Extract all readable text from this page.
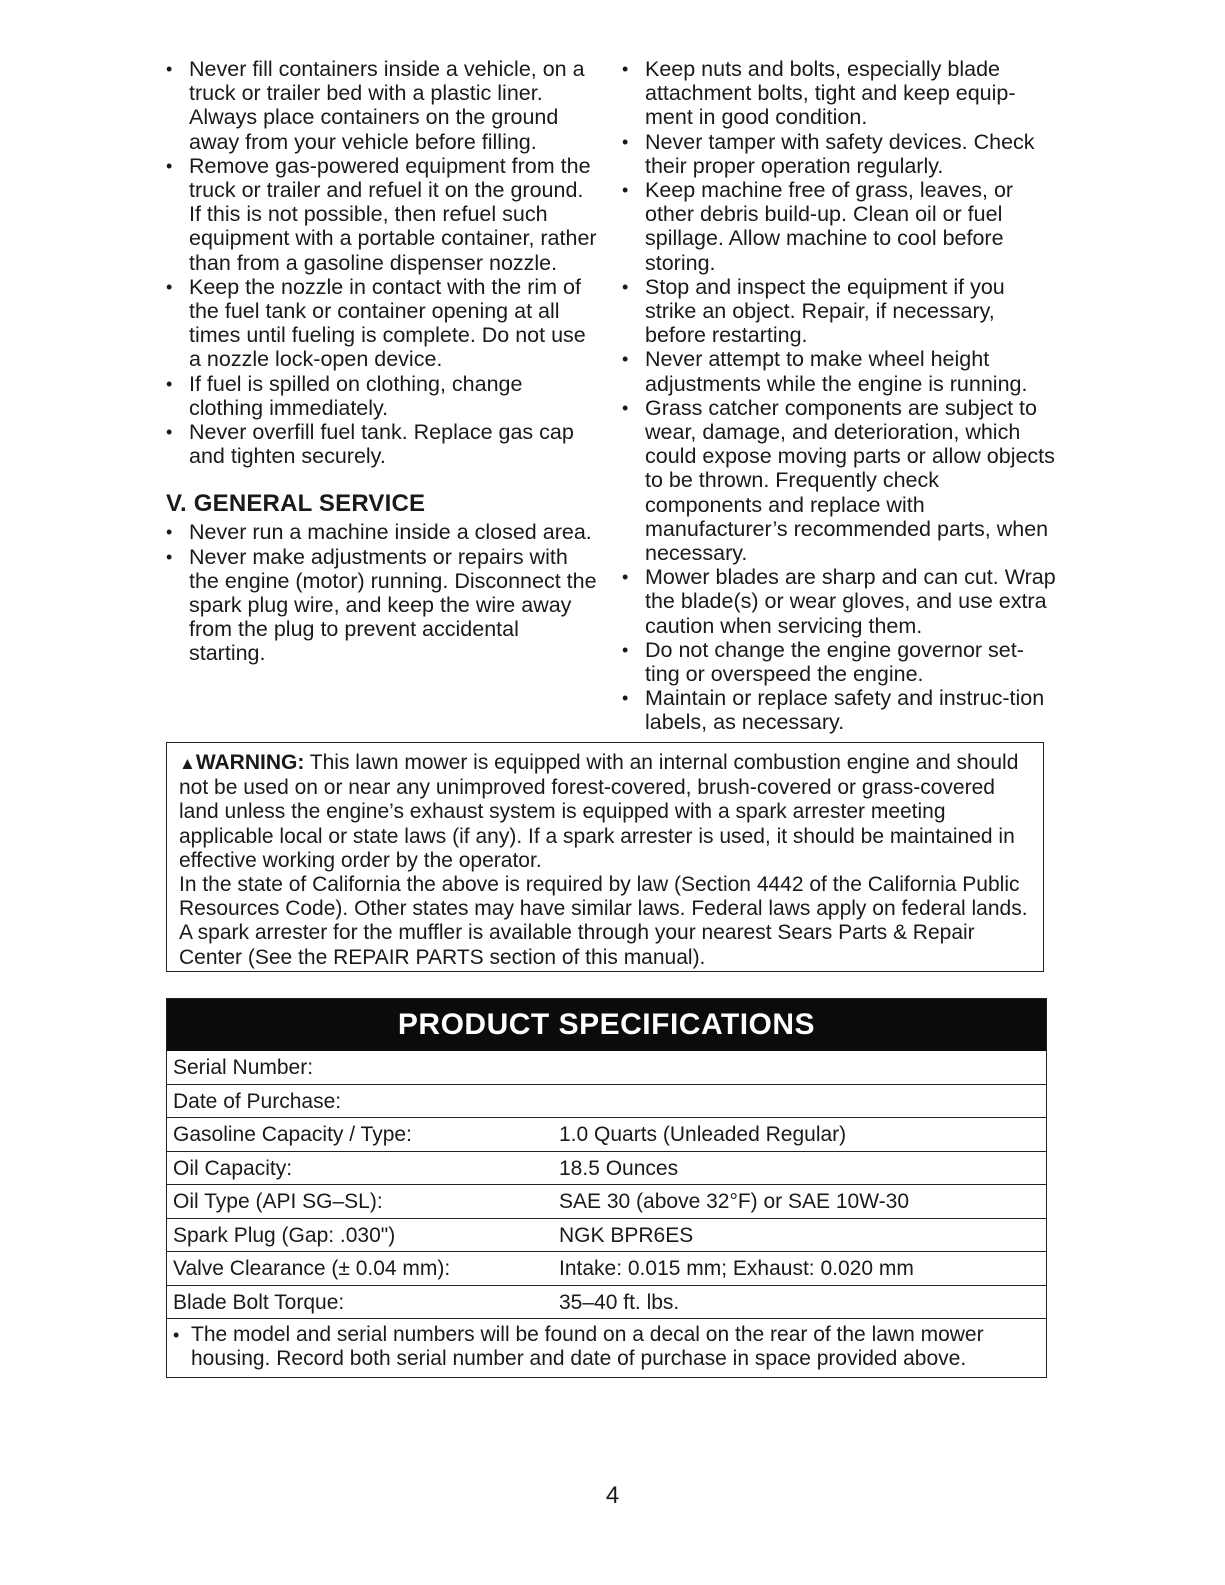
• Never fill containers inside a vehicle, on a truck or trailer bed with a plastic liner. Always place containers on the ground away from your vehicle before filling.
• Remove gas-powered equipment from the truck or trailer and refuel it on the ground. If this is not possible, then refuel such equipment with a portable container, rather than from a gasoline dispenser nozzle.
• Keep the nozzle in contact with the rim of the fuel tank or container opening at all times until fueling is complete. Do not use a nozzle lock-open device.
• If fuel is spilled on clothing, change clothing immediately.
• Never overfill fuel tank. Replace gas cap and tighten securely.
V. GENERAL SERVICE
• Never run a machine inside a closed area.
• Never make adjustments or repairs with the engine (motor) running. Disconnect the spark plug wire, and keep the wire away from the plug to prevent accidental starting.
• Keep nuts and bolts, especially blade attachment bolts, tight and keep equip-ment in good condition.
• Never tamper with safety devices. Check their proper operation regularly.
• Keep machine free of grass, leaves, or other debris build-up. Clean oil or fuel spillage. Allow machine to cool before storing.
• Stop and inspect the equipment if you strike an object. Repair, if necessary, before restarting.
• Never attempt to make wheel height adjustments while the engine is running.
• Grass catcher components are subject to wear, damage, and deterioration, which could expose moving parts or allow objects to be thrown. Frequently check components and replace with manufacturer’s recommended parts, when necessary.
• Mower blades are sharp and can cut. Wrap the blade(s) or wear gloves, and use extra caution when servicing them.
• Do not change the engine governor set-ting or overspeed the engine.
• Maintain or replace safety and instruc-tion labels, as necessary.

▲WARNING: This lawn mower is equipped with an internal combustion engine and should not be used on or near any unimproved forest-covered, brush-covered or grass-covered land unless the engine’s exhaust system is equipped with a spark arrester meeting applicable local or state laws (if any). If a spark arrester is used, it should be maintained in effective working order by the operator.

In the state of California the above is required by law (Section 4442 of the California Public Resources Code). Other states may have similar laws. Federal laws apply on federal lands. A spark arrester for the muffler is available through your nearest Sears Parts & Repair Center (See the REPAIR PARTS section of this manual).

PRODUCT SPECIFICATIONS
Serial Number:
Date of Purchase:
Gasoline Capacity / Type:	1.0 Quarts (Unleaded Regular)
Oil Capacity:	18.5 Ounces
Oil Type (API SG–SL):	SAE 30 (above 32°F) or SAE 10W-30
Spark Plug (Gap: .030")	NGK BPR6ES
Valve Clearance (± 0.04 mm):	Intake: 0.015 mm; Exhaust: 0.020 mm
Blade Bolt Torque:	35–40 ft. lbs.
• The model and serial numbers will be found on a decal on the rear of the lawn mower housing. Record both serial number and date of purchase in space provided above.
4
